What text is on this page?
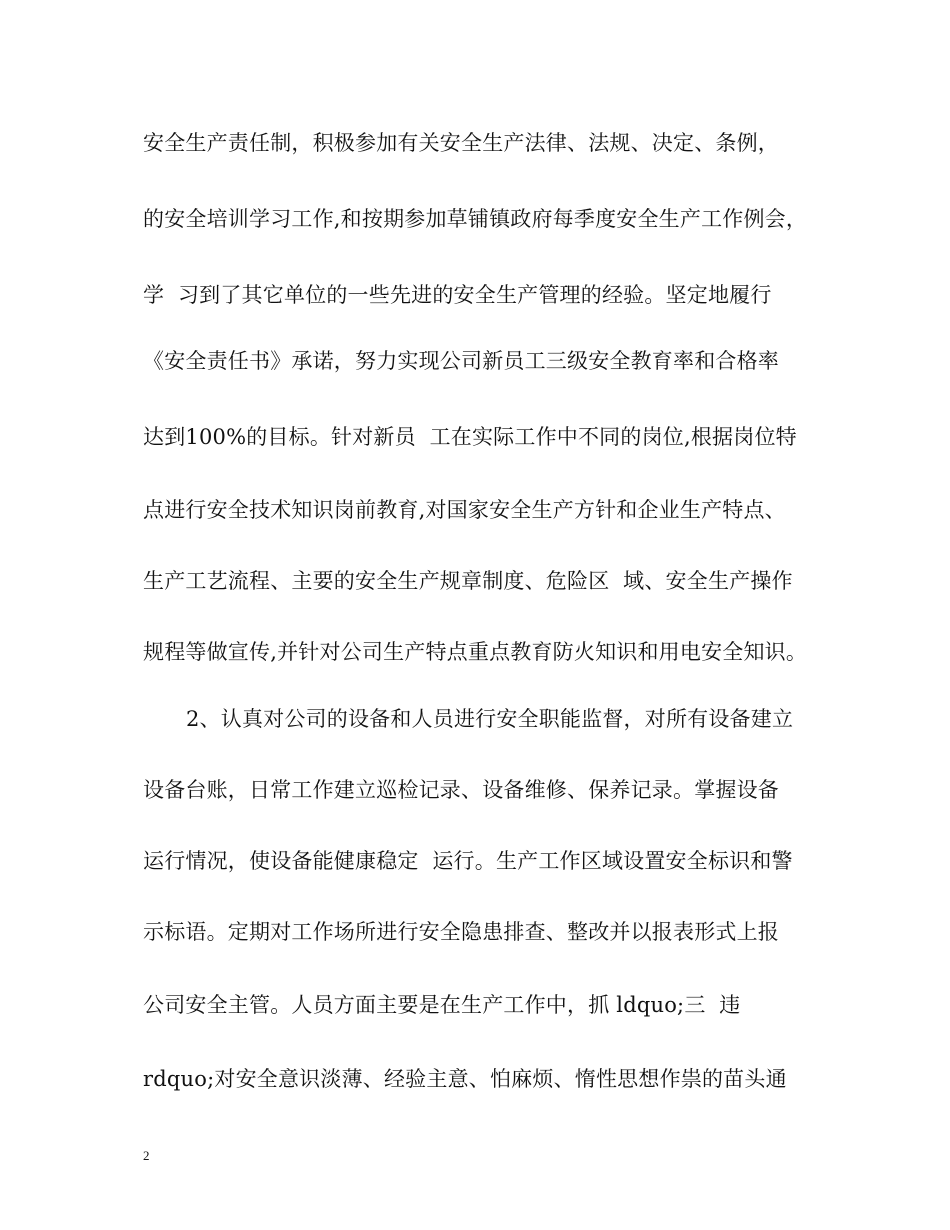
安全生产责任制，积极参加有关安全生产法律、法规、决定、条例，
的安全培训学习工作,和按期参加草铺镇政府每季度安全生产工作例会，
学  习到了其它单位的一些先进的安全生产管理的经验。坚定地履行
《安全责任书》承诺，努力实现公司新员工三级安全教育率和合格率
达到100%的目标。针对新员  工在实际工作中不同的岗位,根据岗位特
点进行安全技术知识岗前教育,对国家安全生产方针和企业生产特点、
生产工艺流程、主要的安全生产规章制度、危险区  域、安全生产操作
规程等做宣传,并针对公司生产特点重点教育防火知识和用电安全知识。
2、认真对公司的设备和人员进行安全职能监督，对所有设备建立
设备台账，日常工作建立巡检记录、设备维修、保养记录。掌握设备
运行情况，使设备能健康稳定  运行。生产工作区域设置安全标识和警
示标语。定期对工作场所进行安全隐患排查、整改并以报表形式上报
公司安全主管。人员方面主要是在生产工作中，抓 ldquo;三  违
rdquo;对安全意识淡薄、经验主意、怕麻烦、惰性思想作祟的苗头通
2
